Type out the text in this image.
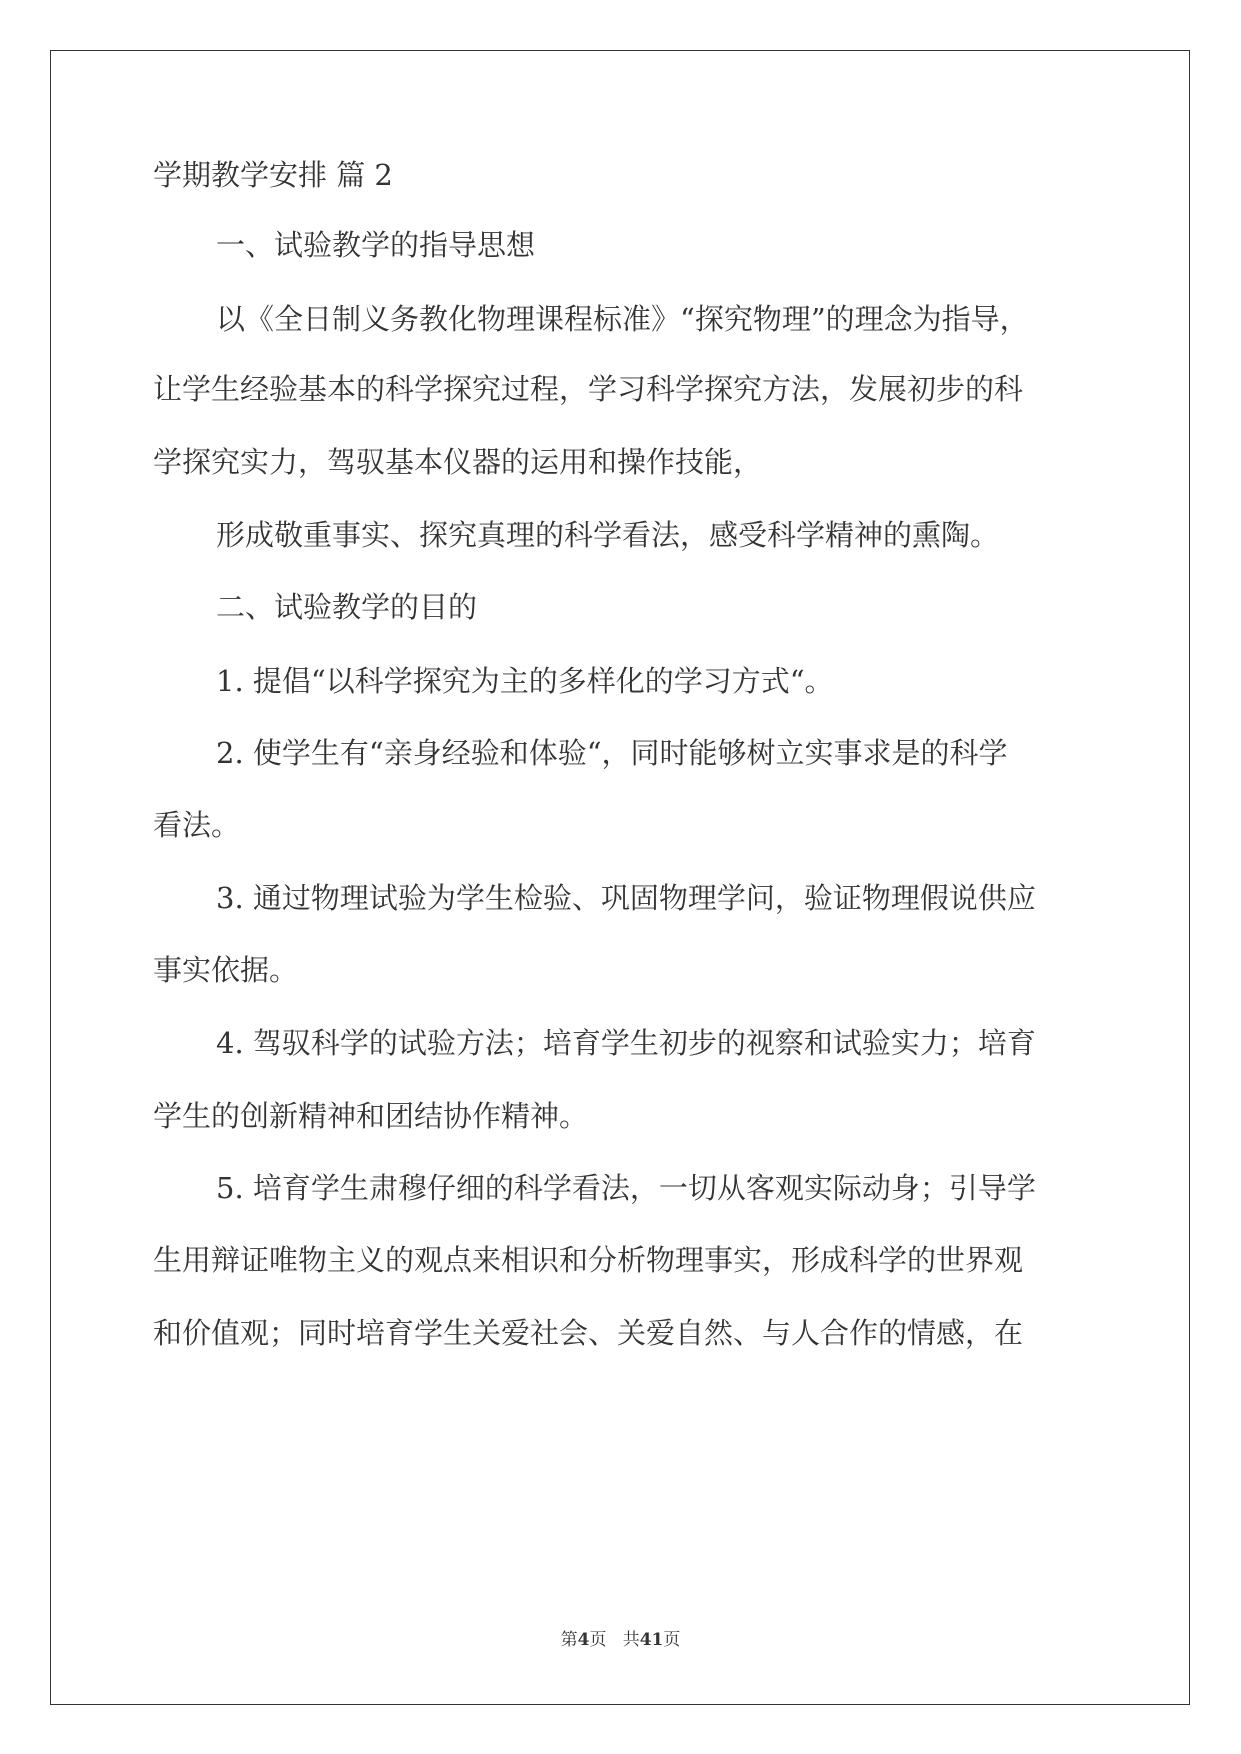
学期教学安排 篇 2
一、试验教学的指导思想
以《全日制义务教化物理课程标准》“探究物理”的理念为指导，
让学生经验基本的科学探究过程，学习科学探究方法，发展初步的科
学探究实力，驾驭基本仪器的运用和操作技能，
形成敬重事实、探究真理的科学看法，感受科学精神的熏陶。
二、试验教学的目的
1. 提倡“以科学探究为主的多样化的学习方式“。
2. 使学生有“亲身经验和体验“，同时能够树立实事求是的科学
看法。
3. 通过物理试验为学生检验、巩固物理学问，验证物理假说供应
事实依据。
4. 驾驭科学的试验方法；培育学生初步的视察和试验实力；培育
学生的创新精神和团结协作精神。
5. 培育学生肃穆仔细的科学看法，一切从客观实际动身；引导学
生用辩证唯物主义的观点来相识和分析物理事实，形成科学的世界观
和价值观；同时培育学生关爱社会、关爱自然、与人合作的情感，在
第4页 共41页
